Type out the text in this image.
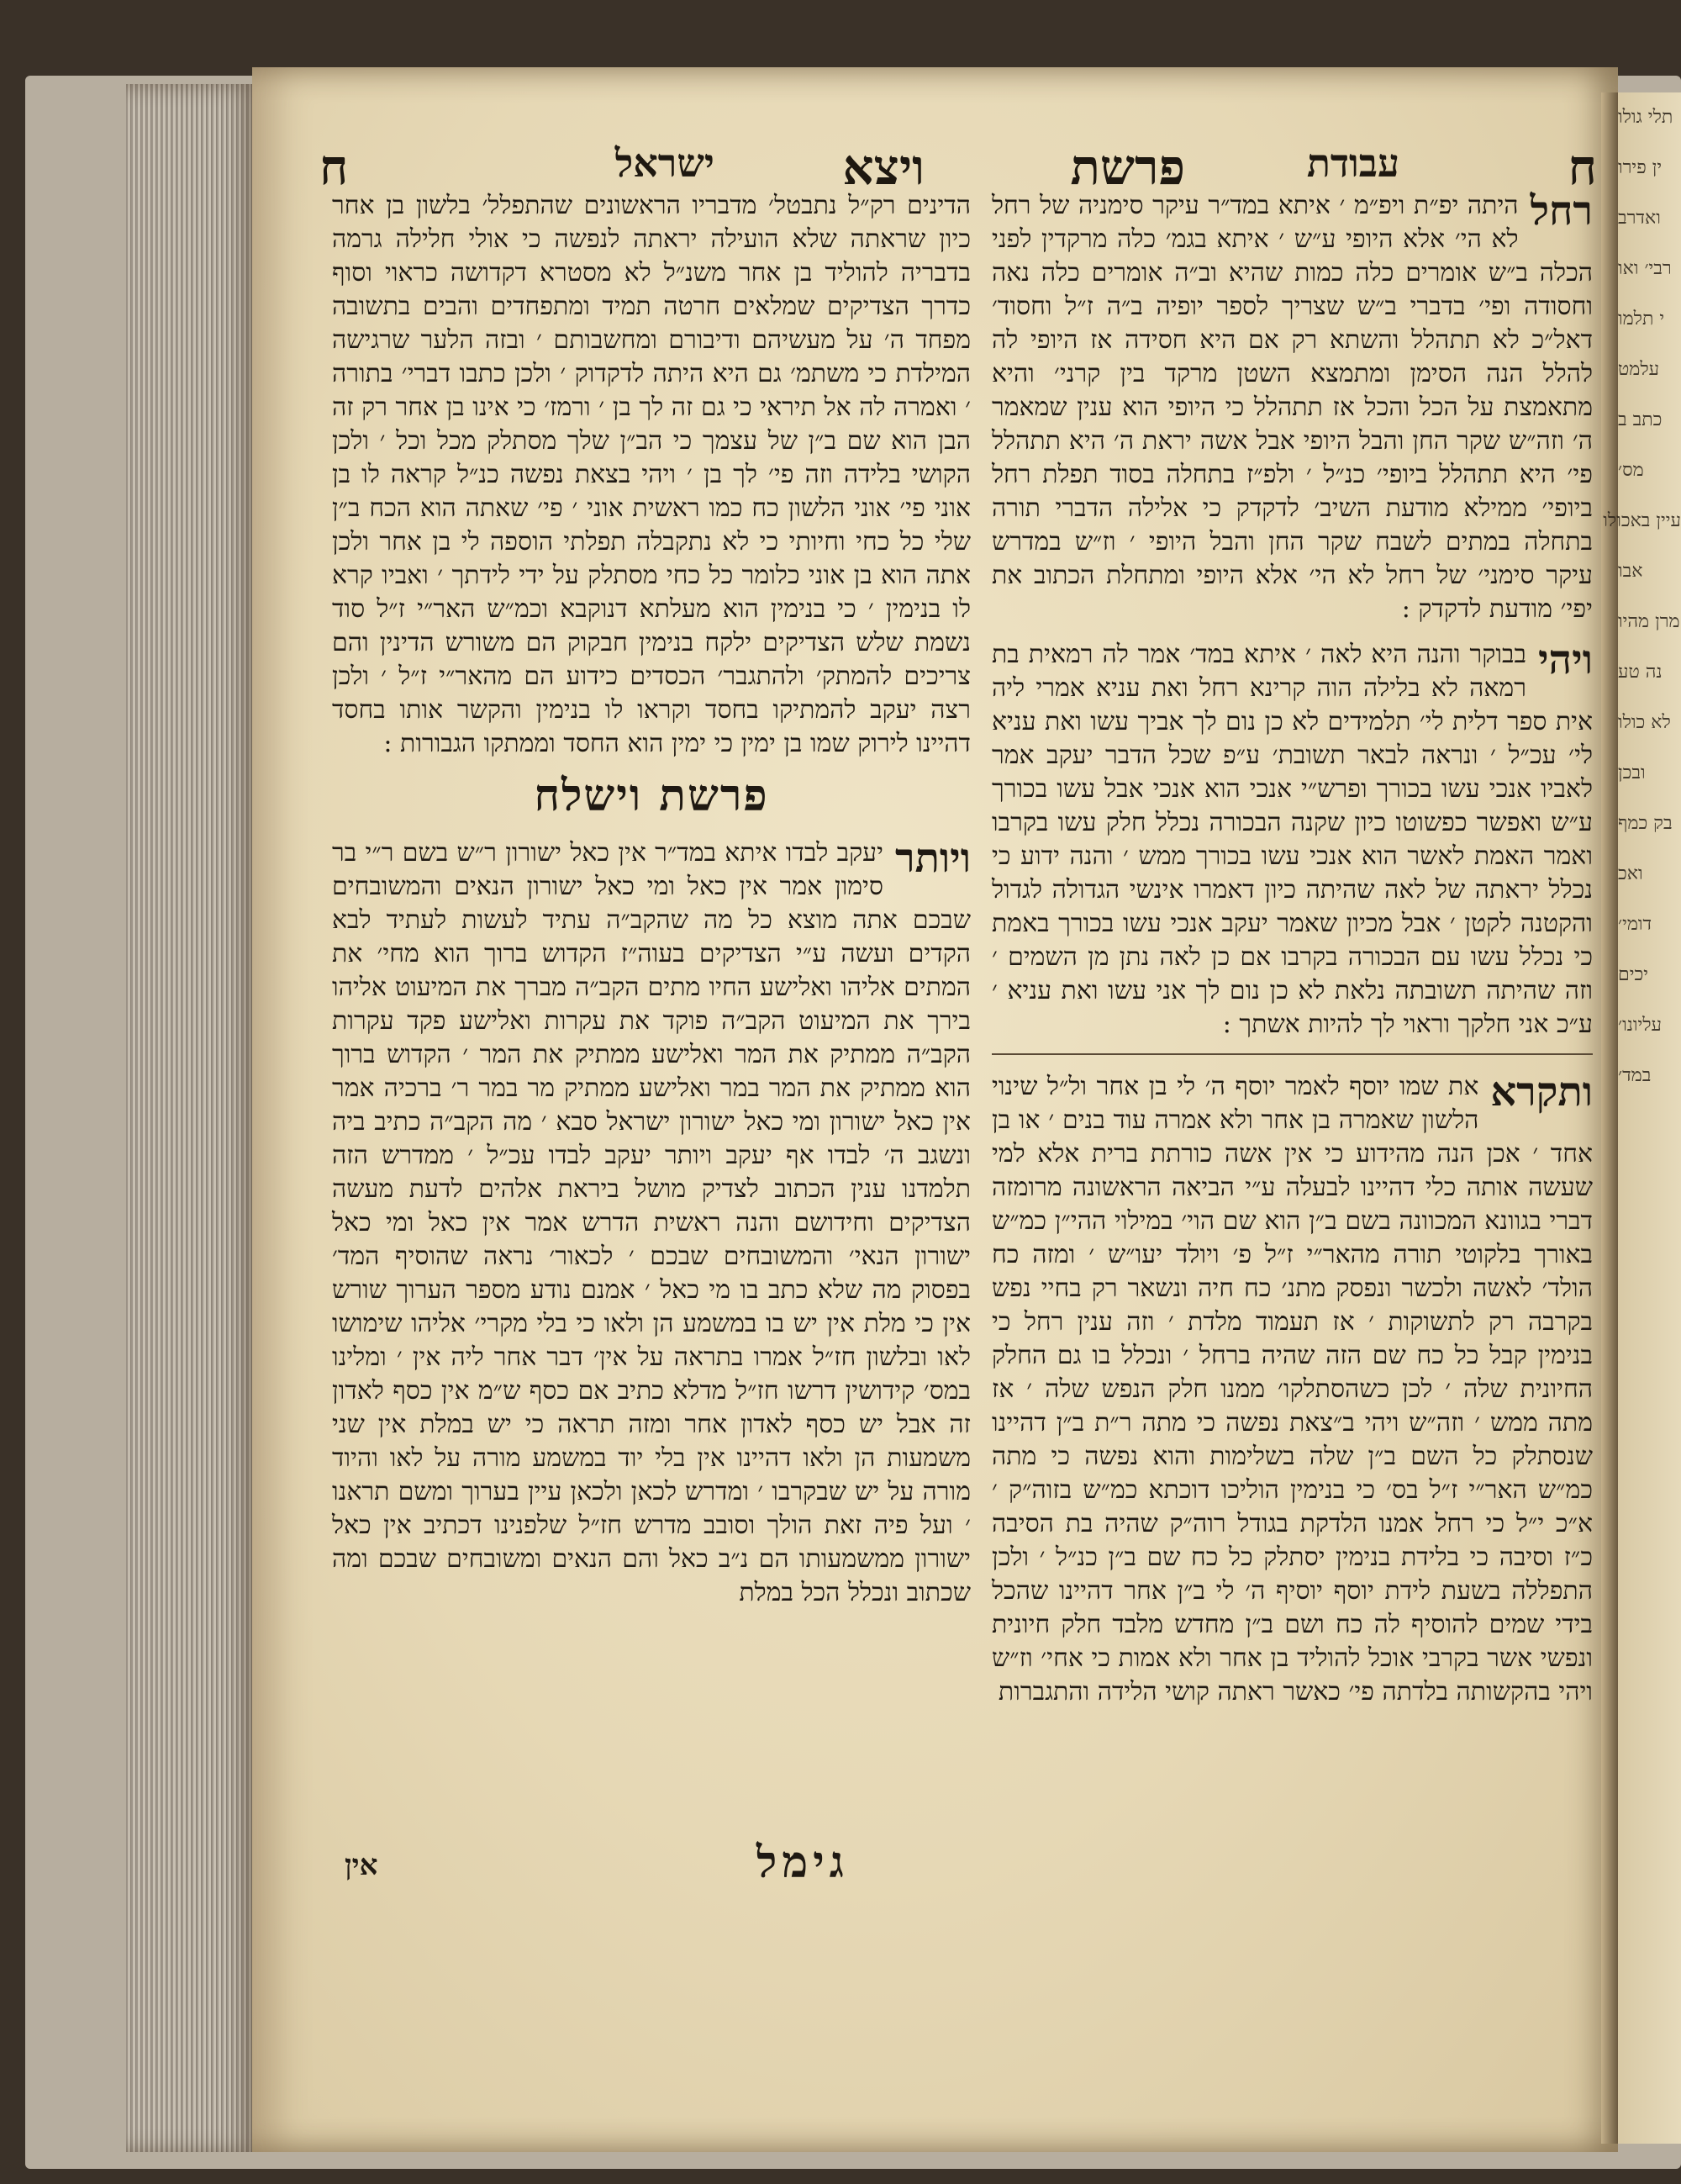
תלי גולו
ין פירו
ואדרב
רבי׳ ואו
י תלמו
עלמט
כתב ב
מס׳
עיין באכולו
אבו
מרן מהיו
נה טע
לא כולו
ובכן
בק כמף
ואכ
דומי׳
יכים
עליונו׳
במד׳
ח
עבודת
פרשת
ויצא
ישראל
ח
רחל
היתה יפ״ת ויפ״מ ׳ איתא במד״ר עיקר סימניה של רחל לא הי׳ אלא היופי ע״ש ׳ איתא בגמ׳ כלה מרקדין לפני הכלה ב״ש אומרים כלה כמות שהיא וב״ה אומרים כלה נאה וחסודה ופי׳ בדברי ב״ש שצריך לספר יופיה ב״ה ז״ל וחסוד׳ דאל״כ לא תתהלל והשתא רק אם היא חסידה אז היופי לה להלל הנה הסימן ומתמצא השטן מרקד בין קרני׳ והיא מתאמצת על הכל והכל אז תתהלל כי היופי הוא ענין שמאמר ה׳ וזה״ש שקר החן והבל היופי אבל אשה יראת ה׳ היא תתהלל פי׳ היא תתהלל ביופי׳ כנ״ל ׳ ולפ״ז בתחלה בסוד תפלת רחל ביופי׳ ממילא מודעת השיב׳ לדקדק כי אלילה הדברי תורה בתחלה במתים לשבח שקר החן והבל היופי ׳ וז״ש במדרש עיקר סימני׳ של רחל לא הי׳ אלא היופי ומתחלת הכתוב את יפי׳ מודעת לדקדק :
ויהי
בבוקר והנה היא לאה ׳ איתא במד׳ אמר לה רמאית בת רמאה לא בלילה הוה קרינא רחל ואת עניא אמרי ליה אית ספר דלית לי׳ תלמידים לא כן נום לך אביך עשו ואת עניא לי׳ עכ״ל ׳ ונראה לבאר תשובת׳ ע״פ שכל הדבר יעקב אמר לאביו אנכי עשו בכורך ופרש״י אנכי הוא אנכי אבל עשו בכורך ע״ש ואפשר כפשוטו כיון שקנה הבכורה נכלל חלק עשו בקרבו ואמר האמת לאשר הוא אנכי עשו בכורך ממש ׳ והנה ידוע כי נכלל יראתה של לאה שהיתה כיון דאמרו אינשי הגדולה לגדול והקטנה לקטן ׳ אבל מכיון שאמר יעקב אנכי עשו בכורך באמת כי נכלל עשו עם הבכורה בקרבו אם כן לאה נתן מן השמים ׳ וזה שהיתה תשובתה נלאת לא כן נום לך אני עשו ואת עניא ׳ ע״כ אני חלקך וראוי לך להיות אשתך :
ותקרא
את שמו יוסף לאמר יוסף ה׳ לי בן אחר ול״ל שינוי הלשון שאמרה בן אחר ולא אמרה עוד בנים ׳ או בן אחד ׳ אכן הנה מהידוע כי אין אשה כורתת ברית אלא למי שעשה אותה כלי דהיינו לבעלה ע״י הביאה הראשונה מרומזה דברי בגוונא המכוונה בשם ב״ן הוא שם הוי׳ במילוי ההי״ן כמ״ש באורך בלקוטי תורה מהאר״י ז״ל פ׳ ויולד יעו״ש ׳ ומזה כח הולד׳ לאשה ולכשר ונפסק מתנ׳ כח חיה ונשאר רק בחיי נפש בקרבה רק לתשוקות ׳ אז תעמוד מלדת ׳ וזה ענין רחל כי בנימין קבל כל כח שם הזה שהיה ברחל ׳ ונכלל בו גם החלק החיונית שלה ׳ לכן כשהסתלקו׳ ממנו חלק הנפש שלה ׳ אז מתה ממש ׳ וזה״ש ויהי ב״צאת נפשה כי מתה ר״ת ב״ן דהיינו שנסתלק כל השם ב״ן שלה בשלימות והוא נפשה כי מתה כמ״ש האר״י ז״ל בס׳ כי בנימין הוליכו דוכתא כמ״ש בזוה״ק ׳ א״כ י״ל כי רחל אמנו הלדקת בגודל רוה״ק שהיה בת הסיבה כ״ז וסיבה כי בלידת בנימין יסתלק כל כח שם ב״ן כנ״ל ׳ ולכן התפללה בשעת לידת יוסף יוסיף ה׳ לי ב״ן אחר דהיינו שהכל בידי שמים להוסיף לה כח ושם ב״ן מחדש מלבד חלק חיונית ונפשי אשר בקרבי אוכל להוליד בן אחר ולא אמות כי אחי׳ וז״ש ויהי בהקשותה בלדתה פי׳ כאשר ראתה קושי הלידה והתגברות
הדינים רק״ל נתבטל׳ מדבריו הראשונים שהתפלל׳ בלשון בן אחר כיון שראתה שלא הועילה יראתה לנפשה כי אולי חלילה גרמה בדבריה להוליד בן אחר משנ״ל לא מסטרא דקדושה כראוי וסוף כדרך הצדיקים שמלאים חרטה תמיד ומתפחדים והבים בתשובה מפחד ה׳ על מעשיהם ודיבורם ומחשבותם ׳ ובזה הלער שרגישה המילדת כי משתמ׳ גם היא היתה לדקדוק ׳ ולכן כתבו דברי׳ בתורה ׳ ואמרה לה אל תיראי כי גם זה לך בן ׳ ורמז׳ כי אינו בן אחר רק זה הבן הוא שם ב״ן של עצמך כי הב״ן שלך מסתלק מכל וכל ׳ ולכן הקושי בלידה וזה פי׳ לך בן ׳ ויהי בצאת נפשה כנ״ל קראה לו בן אוני פי׳ אוני הלשון כח כמו ראשית אוני ׳ פי׳ שאתה הוא הכח ב״ן שלי כל כחי וחיותי כי לא נתקבלה תפלתי הוספה לי בן אחר ולכן אתה הוא בן אוני כלומר כל כחי מסתלק על ידי לידתך ׳ ואביו קרא לו בנימין ׳ כי בנימין הוא מעלתא דנוקבא וכמ״ש האר״י ז״ל סוד נשמת שלש הצדיקים ילקח בנימין חבקוק הם משורש הדינין והם צריכים להמתק׳ ולהתגבר׳ הכסדים כידוע הם מהאר״י ז״ל ׳ ולכן רצה יעקב להמתיקו בחסד וקראו לו בנימין והקשר אותו בחסד דהיינו לירוק שמו בן ימין כי ימין הוא החסד וממתקו הגבורות :
פרשת וישלח
ויותר
יעקב לבדו איתא במד״ר אין כאל ישורון ר״ש בשם ר״י בר סימון אמר אין כאל ומי כאל ישורון הנאים והמשובחים שבכם אתה מוצא כל מה שהקב״ה עתיד לעשות לעתיד לבא הקדים ועשה ע״י הצדיקים בעוה״ז הקדוש ברוך הוא מחי׳ את המתים אליהו ואלישע החיו מתים הקב״ה מברך את המיעוט אליהו בירך את המיעוט הקב״ה פוקד את עקרות ואלישע פקד עקרות הקב״ה ממתיק את המר ואלישע ממתיק את המר ׳ הקדוש ברוך הוא ממתיק את המר במר ואלישע ממתיק מר במר ר׳ ברכיה אמר אין כאל ישורון ומי כאל ישורון ישראל סבא ׳ מה הקב״ה כתיב ביה ונשגב ה׳ לבדו אף יעקב ויותר יעקב לבדו עכ״ל ׳ ממדרש הזה תלמדנו ענין הכתוב לצדיק מושל ביראת אלהים לדעת מעשה הצדיקים וחידושם והנה ראשית הדרש אמר אין כאל ומי כאל ישורון הנאי׳ והמשובחים שבכם ׳ לכאור׳ נראה שהוסיף המד׳ בפסוק מה שלא כתב בו מי כאל ׳ אמנם נודע מספר הערוך שורש אין כי מלת אין יש בו במשמע הן ולאו כי בלי מקרי׳ אליהו שימושו לאו ובלשון חז״ל אמרו בתראה על אין׳ דבר אחר ליה אין ׳ ומלינו במס׳ קידושין דרשו חז״ל מדלא כתיב אם כסף ש״מ אין כסף לאדון זה אבל יש כסף לאדון אחר ומזה תראה כי יש במלת אין שני משמעות הן ולאו דהיינו אין בלי יוד במשמע מורה על לאו והיוד מורה על יש שבקרבו ׳ ומדרש לכאן ולכאן עיין בערוך ומשם תראנו ׳ ועל פיה זאת הולך וסובב מדרש חז״ל שלפנינו דכתיב אין כאל ישורון ממשמעותו הם נ״ב כאל והם הנאים ומשובחים שבכם ומה שכתוב ונכלל הכל במלת
גימל
אין
